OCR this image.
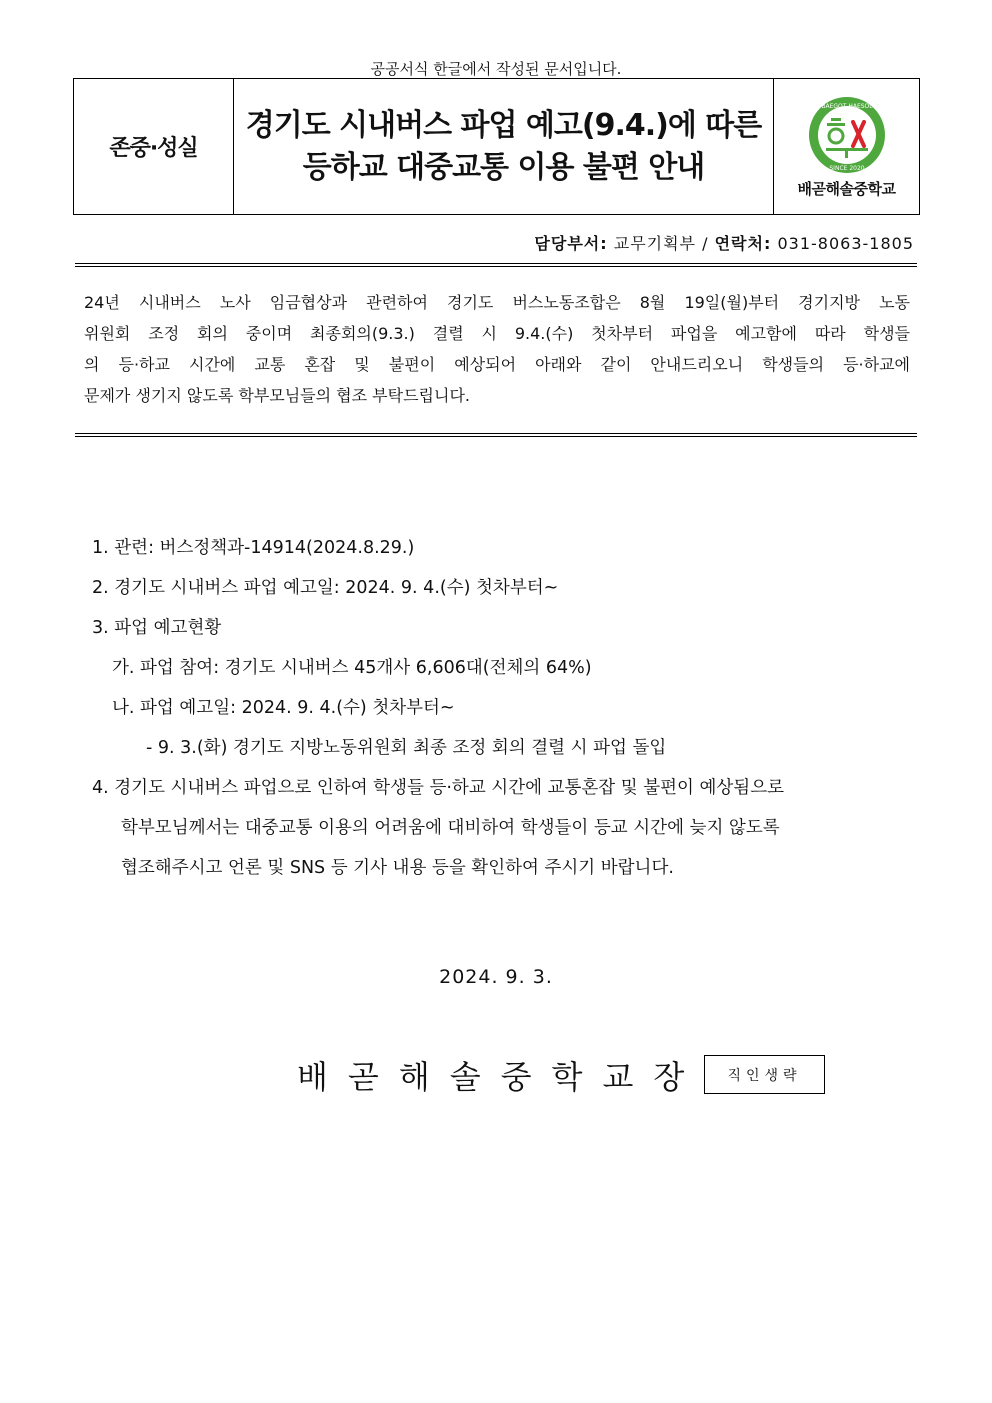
공공서식 한글에서 작성된 문서입니다.
존중·성실
경기도 시내버스 파업 예고(9.4.)에 따른
등하교 대중교통 이용 불편 안내
BAEGOT HAESOL
SINCE 2020
배곧해솔중학교
담당부서: 교무기획부 / 연락처: 031-8063-1805

24년 시내버스 노사 임금협상과 관련하여 경기도 버스노동조합은 8월 19일(월)부터 경기지방 노동

위원회 조정 회의 중이며 최종회의(9.3.) 결렬 시 9.4.(수) 첫차부터 파업을 예고함에 따라 학생들

의 등·하교 시간에 교통 혼잡 및 불편이 예상되어 아래와 같이 안내드리오니 학생들의 등·하교에

문제가 생기지 않도록 학부모님들의 협조 부탁드립니다.

1. 관련: 버스정책과-14914(2024.8.29.)
2. 경기도 시내버스 파업 예고일: 2024. 9. 4.(수) 첫차부터~
3. 파업 예고현황
가. 파업 참여: 경기도 시내버스 45개사 6,606대(전체의 64%)
나. 파업 예고일: 2024. 9. 4.(수) 첫차부터~
- 9. 3.(화) 경기도 지방노동위원회 최종 조정 회의 결렬 시 파업 돌입
4. 경기도 시내버스 파업으로 인하여 학생들 등·하교 시간에 교통혼잡 및 불편이 예상됨으로
학부모님께서는 대중교통 이용의 어려움에 대비하여 학생들이 등교 시간에 늦지 않도록
협조해주시고 언론 및 SNS 등 기사 내용 등을 확인하여 주시기 바랍니다.
2024. 9. 3.
배곧해솔중학교장	직인생략
